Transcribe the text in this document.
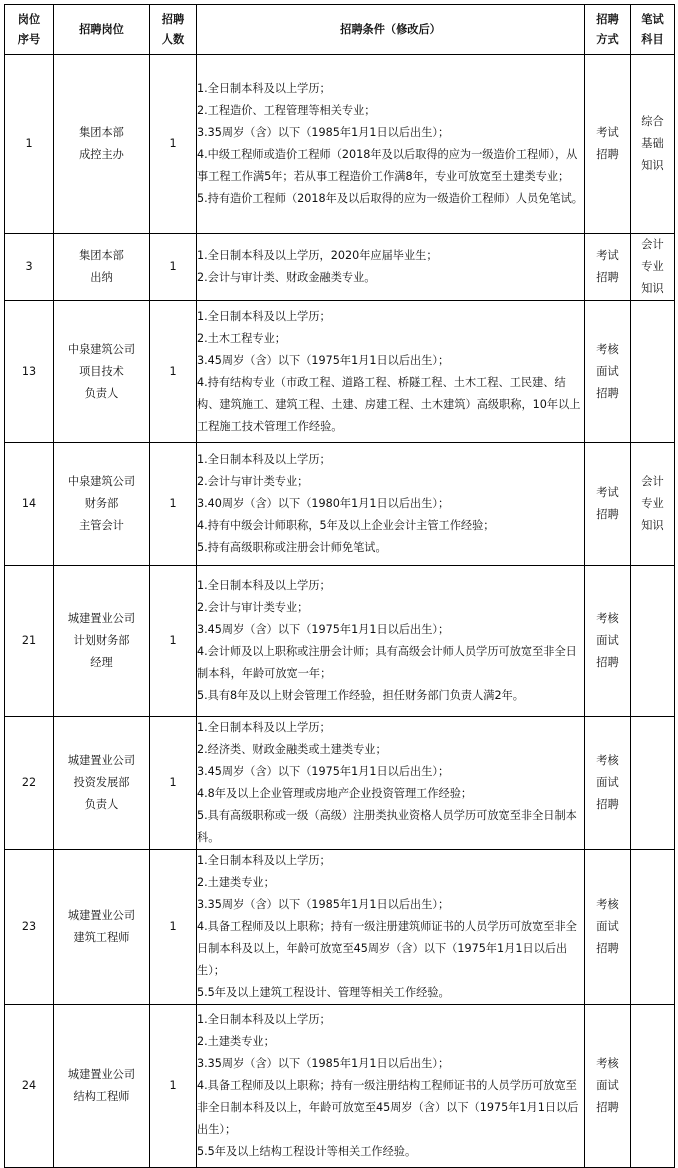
岗位
序号	招聘岗位	招聘
人数	招聘条件（修改后）	招聘
方式	笔试
科目

1	集团本部
成控主办	1	1.全日制本科及以上学历；
2.工程造价、工程管理等相关专业；
3.35周岁（含）以下（1985年1月1日以后出生）；
4.中级工程师或造价工程师（2018年及以后取得的应为一级造价工程师），从事工程工作满5年；若从事工程造价工作满8年，专业可放宽至土建类专业；
5.持有造价工程师（2018年及以后取得的应为一级造价工程师）人员免笔试。	考试
招聘	综合
基础
知识

3	集团本部
出纳	1	1.全日制本科及以上学历，2020年应届毕业生；
2.会计与审计类、财政金融类专业。	考试
招聘	会计
专业
知识

13	中泉建筑公司
项目技术
负责人	1	1.全日制本科及以上学历；
2.土木工程专业；
3.45周岁（含）以下（1975年1月1日以后出生）；
4.持有结构专业（市政工程、道路工程、桥隧工程、土木工程、工民建、结构、建筑施工、建筑工程、土建、房建工程、土木建筑）高级职称，10年以上工程施工技术管理工作经验。	考核
面试
招聘	

14	中泉建筑公司
财务部
主管会计	1	1.全日制本科及以上学历；
2.会计与审计类专业；
3.40周岁（含）以下（1980年1月1日以后出生）；
4.持有中级会计师职称，5年及以上企业会计主管工作经验；
5.持有高级职称或注册会计师免笔试。	考试
招聘	会计
专业
知识

21	城建置业公司
计划财务部
经理	1	1.全日制本科及以上学历；
2.会计与审计类专业；
3.45周岁（含）以下（1975年1月1日以后出生）；
4.会计师及以上职称或注册会计师；具有高级会计师人员学历可放宽至非全日制本科，年龄可放宽一年；
5.具有8年及以上财会管理工作经验，担任财务部门负责人满2年。	考核
面试
招聘	

22	城建置业公司
投资发展部
负责人	1	1.全日制本科及以上学历；
2.经济类、财政金融类或土建类专业；
3.45周岁（含）以下（1975年1月1日以后出生）；
4.8年及以上企业管理或房地产企业投资管理工作经验；
5.具有高级职称或一级（高级）注册类执业资格人员学历可放宽至非全日制本科。	考核
面试
招聘	

23	城建置业公司
建筑工程师	1	1.全日制本科及以上学历；
2.土建类专业；
3.35周岁（含）以下（1985年1月1日以后出生）；
4.具备工程师及以上职称；持有一级注册建筑师证书的人员学历可放宽至非全日制本科及以上，年龄可放宽至45周岁（含）以下（1975年1月1日以后出生）；
5.5年及以上建筑工程设计、管理等相关工作经验。	考核
面试
招聘	

24	城建置业公司
结构工程师	1	1.全日制本科及以上学历；
2.土建类专业；
3.35周岁（含）以下（1985年1月1日以后出生）；
4.具备工程师及以上职称；持有一级注册结构工程师证书的人员学历可放宽至非全日制本科及以上，年龄可放宽至45周岁（含）以下（1975年1月1日以后出生）；
5.5年及以上结构工程设计等相关工作经验。	考核
面试
招聘	
